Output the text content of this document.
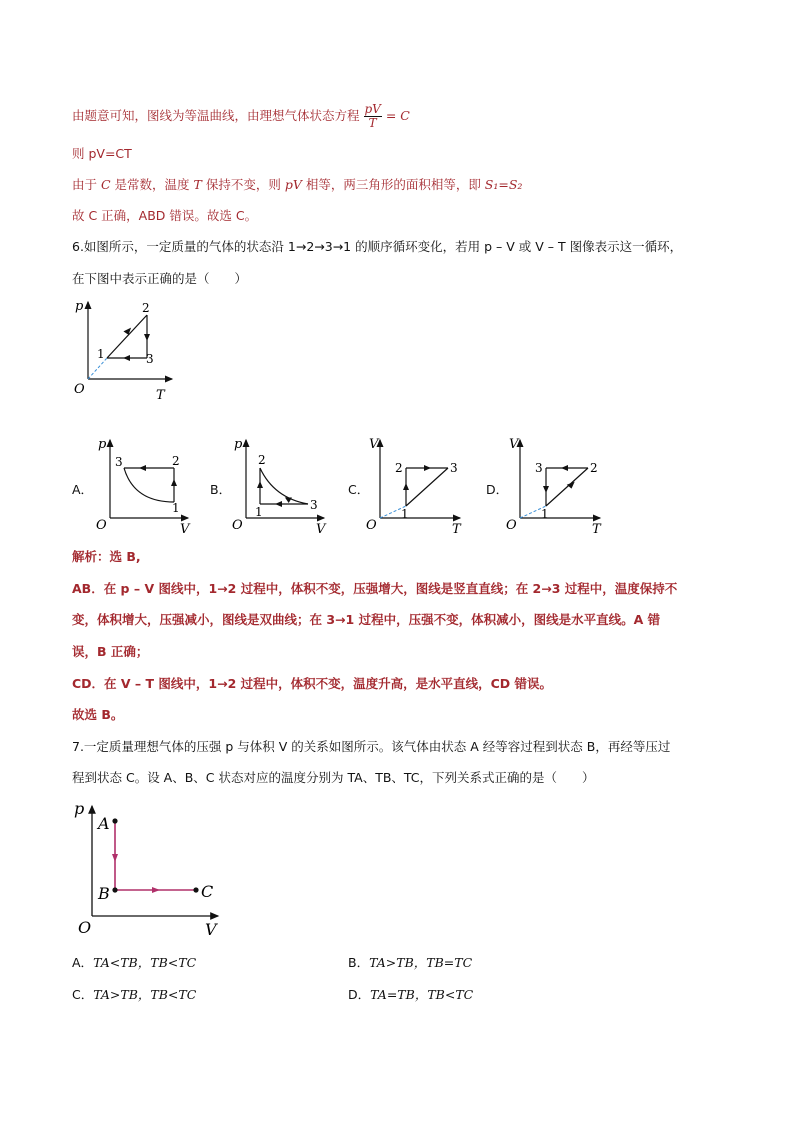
由题意可知，图线为等温曲线，由理想气体状态方程 $\frac{pV}{T} = C$
则 pV=CT
由于 C 是常数，温度 T 保持不变，则 pV 相等，两三角形的面积相等，即 S₁=S₂
故 C 正确，ABD 错误。故选 C。
6.如图所示，一定质量的气体的状态沿 1→2→3→1 的顺序循环变化，若用 p – V 或 V – T 图像表示这一循环，
在下图中表示正确的是（　　）
p
T
O
1
2
3
A．
p
V
O
3	2
1
B．
p
V
O
2
1	3
C．
V
T
O
2	3
1
D．
V
T
O
3	2
1
解析：选 B,
AB．在 p – V 图线中，1→2 过程中，体积不变，压强增大，图线是竖直直线；在 2→3 过程中，温度保持不
变，体积增大，压强减小，图线是双曲线；在 3→1 过程中，压强不变，体积减小，图线是水平直线。A 错
误，B 正确；
CD．在 V – T 图线中，1→2 过程中，体积不变，温度升高，是水平直线，CD 错误。
故选 B。
7.一定质量理想气体的压强 p 与体积 V 的关系如图所示。该气体由状态 A 经等容过程到状态 B，再经等压过
程到状态 C。设 A、B、C 状态对应的温度分别为 TA、TB、TC，下列关系式正确的是（　　）
p
V
O
A
B	C
A．TA<TB，TB<TC	B．TA>TB，TB=TC
C．TA>TB，TB<TC	D．TA=TB，TB<TC
